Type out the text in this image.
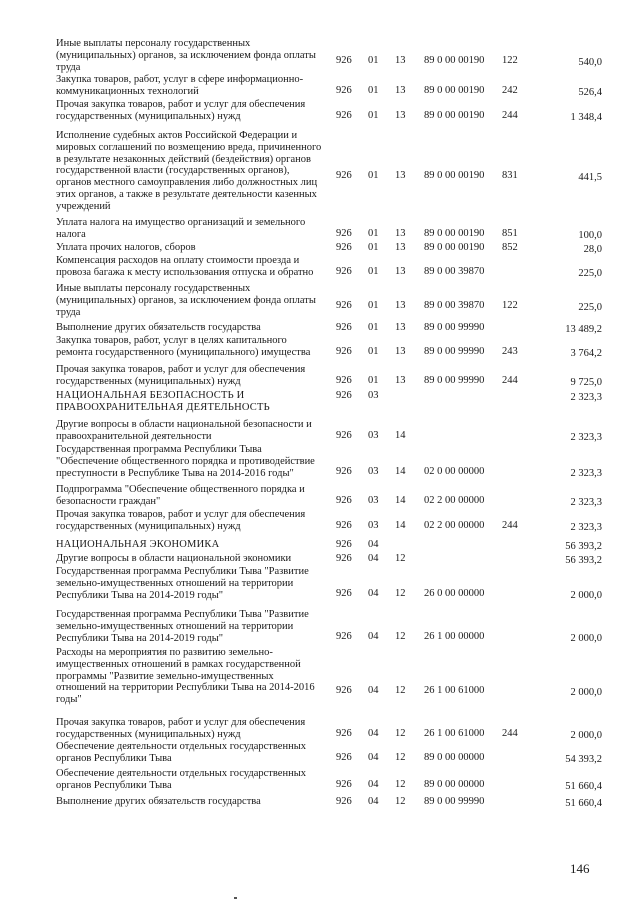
Иные выплаты персоналу государственных (муниципальных) органов, за исключением фонда оплаты труда
926	01	13	89 0 00 00190	122	540,0
Закупка товаров, работ, услуг в сфере информационно-коммуникационных технологий	926	01	13	89 0 00 00190	242	526,4
Прочая закупка товаров, работ и услуг для обеспечения государственных (муниципальных) нужд	926	01	13	89 0 00 00190	244	1 348,4
Исполнение судебных актов Российской Федерации и мировых соглашений по возмещению вреда, причиненного в результате незаконных действий (бездействия) органов государственной власти (государственных органов), органов местного самоуправления либо должностных лиц этих органов, а также в результате деятельности казенных учреждений
926	01	13	89 0 00 00190	831	441,5
Уплата налога на имущество организаций и земельного налога	926	01	13	89 0 00 00190	851	100,0
Уплата прочих налогов, сборов	926	01	13	89 0 00 00190	852	28,0
Компенсация расходов на оплату стоимости проезда и провоза багажа к месту использования отпуска и обратно	926	01	13	89 0 00 39870	225,0
Иные выплаты персоналу государственных (муниципальных) органов, за исключением фонда оплаты труда
926	01	13	89 0 00 39870	122	225,0
Выполнение других обязательств государства	926	01	13	89 0 00 99990	13 489,2
Закупка товаров, работ, услуг в целях капитального ремонта государственного (муниципального) имущества	926	01	13	89 0 00 99990	243	3 764,2
Прочая закупка товаров, работ и услуг для обеспечения государственных (муниципальных) нужд	926	01	13	89 0 00 99990	244	9 725,0
НАЦИОНАЛЬНАЯ БЕЗОПАСНОСТЬ И ПРАВООХРАНИТЕЛЬНАЯ ДЕЯТЕЛЬНОСТЬ
926	03	2 323,3
Другие вопросы в области национальной безопасности и правоохранительной деятельности	926	03	14	2 323,3
Государственная программа Республики Тыва "Обеспечение общественного порядка и противодействие преступности в Республике Тыва на 2014-2016 годы"	926	03	14	02 0 00 00000	2 323,3
Подпрограмма "Обеспечение общественного порядка и безопасности граждан"	926	03	14	02 2 00 00000	2 323,3
Прочая закупка товаров, работ и услуг для обеспечения государственных (муниципальных) нужд	926	03	14	02 2 00 00000	244	2 323,3
НАЦИОНАЛЬНАЯ ЭКОНОМИКА	926	04	56 393,2
Другие вопросы в области национальной экономики	926	04	12	56 393,2
Государственная программа Республики Тыва "Развитие земельно-имущественных отношений на территории Республики Тыва на 2014-2019 годы"	926	04	12	26 0 00 00000	2 000,0
Государственная программа Республики Тыва "Развитие земельно-имущественных отношений на территории Республики Тыва на 2014-2019 годы"	926	04	12	26 1 00 00000	2 000,0
Расходы на мероприятия по развитию земельно-имущественных отношений в рамках государственной программы "Развитие земельно-имущественных отношений на территории Республики Тыва на 2014-2016 годы"
926	04	12	26 1 00 61000	2 000,0
Прочая закупка товаров, работ и услуг для обеспечения государственных (муниципальных) нужд	926	04	12	26 1 00 61000	244	2 000,0
Обеспечение деятельности отдельных государственных органов Республики Тыва	926	04	12	89 0 00 00000	54 393,2
Обеспечение деятельности отдельных государственных органов Республики Тыва	926	04	12	89 0 00 00000	51 660,4
Выполнение других обязательств государства	926	04	12	89 0 00 99990	51 660,4
146
